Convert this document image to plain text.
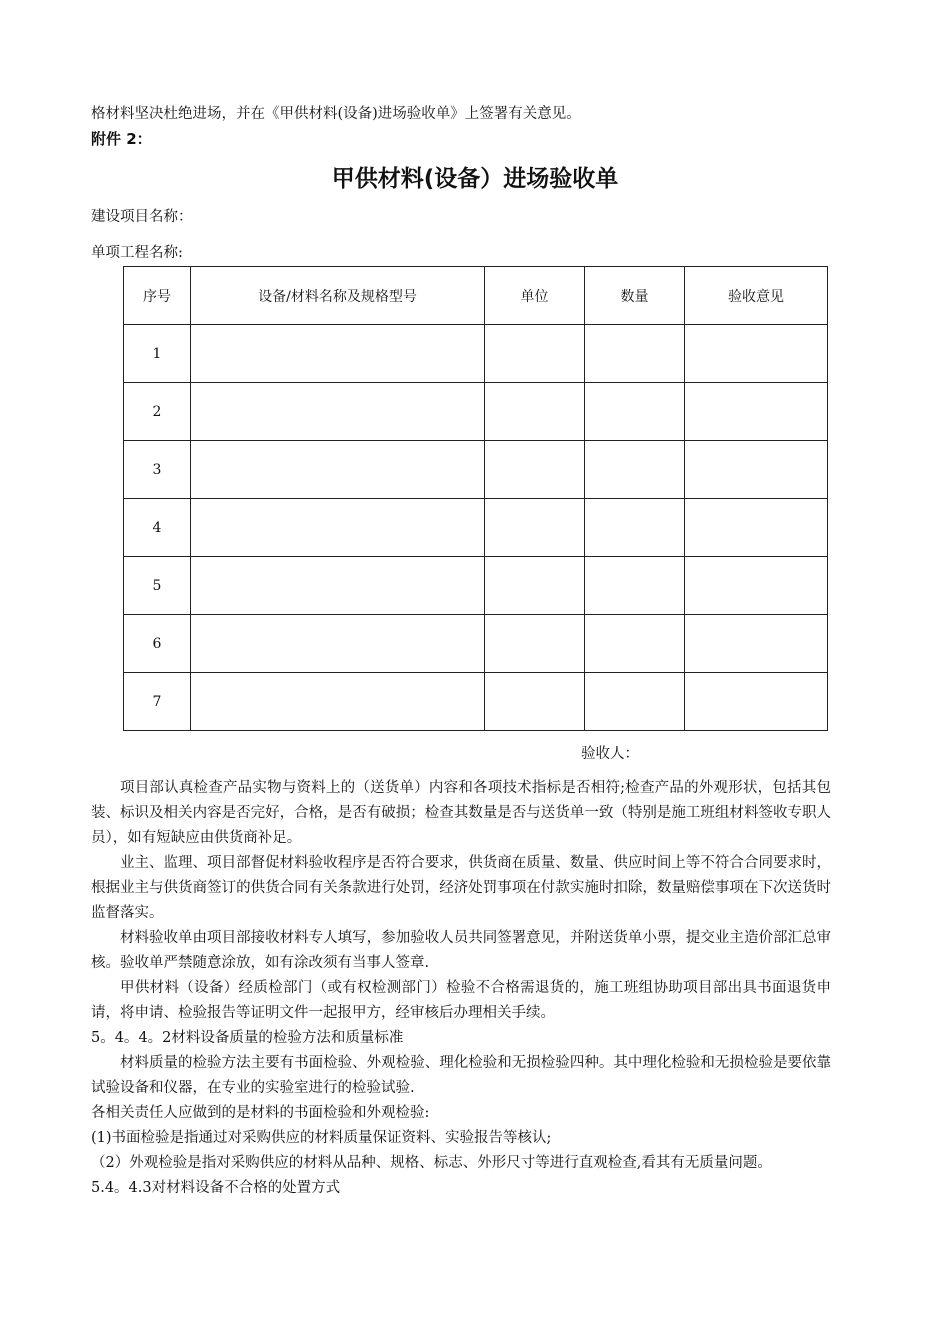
格材料坚决杜绝进场，并在《甲供材料(设备)进场验收单》上签署有关意见。
附件 2：
甲供材料(设备）进场验收单
建设项目名称：
单项工程名称:
序号	设备/材料名称及规格型号	单位	数量	验收意见
1				
2				
3				
4				
5				
6				
7				
验收人：

项目部认真检查产品实物与资料上的（送货单）内容和各项技术指标是否相符;检查产品的外观形状，包括其包装、标识及相关内容是否完好，合格，是否有破损；检查其数量是否与送货单一致（特别是施工班组材料签收专职人员），如有短缺应由供货商补足。

业主、监理、项目部督促材料验收程序是否符合要求，供货商在质量、数量、供应时间上等不符合合同要求时，根据业主与供货商签订的供货合同有关条款进行处罚，经济处罚事项在付款实施时扣除，数量赔偿事项在下次送货时监督落实。

材料验收单由项目部接收材料专人填写，参加验收人员共同签署意见，并附送货单小票，提交业主造价部汇总审核。验收单严禁随意涂放，如有涂改须有当事人签章.

甲供材料（设备）经质检部门（或有权检测部门）检验不合格需退货的，施工班组协助项目部出具书面退货申请，将申请、检验报告等证明文件一起报甲方，经审核后办理相关手续。

5。4。4。2材料设备质量的检验方法和质量标准

材料质量的检验方法主要有书面检验、外观检验、理化检验和无损检验四种。其中理化检验和无损检验是要依靠试验设备和仪器，在专业的实验室进行的检验试验.

各相关责任人应做到的是材料的书面检验和外观检验:

(1)书面检验是指通过对采购供应的材料质量保证资料、实验报告等核认;

（2）外观检验是指对采购供应的材料从品种、规格、标志、外形尺寸等进行直观检查,看其有无质量问题。

5.4。4.3对材料设备不合格的处置方式
